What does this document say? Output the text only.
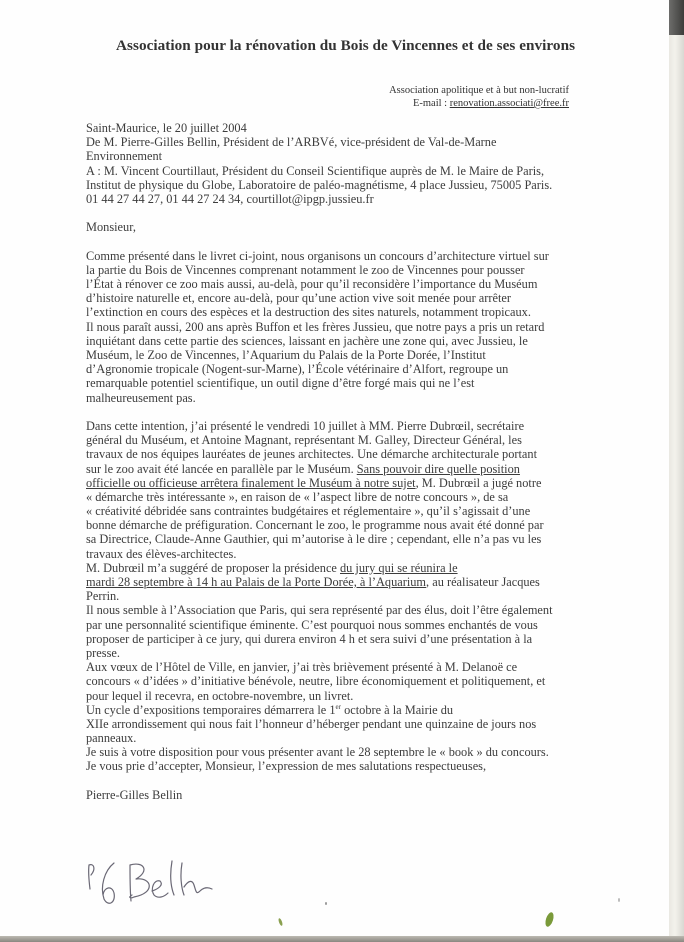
Association pour la rénovation du Bois de Vincennes et de ses environs
Association apolitique et à but non-lucratif
E-mail : renovation.associati@free.fr
Saint-Maurice, le 20 juillet 2004
De M. Pierre-Gilles Bellin, Président de l’ARBVé, vice-président de Val-de-Marne
Environnement
A : M. Vincent Courtillaut, Président du Conseil Scientifique auprès de M. le Maire de Paris,
Institut de physique du Globe, Laboratoire de paléo-magnétisme, 4 place Jussieu, 75005 Paris.
01 44 27 44 27, 01 44 27 24 34, courtillot@ipgp.jussieu.fr
Monsieur,
Comme présenté dans le livret ci-joint, nous organisons un concours d’architecture virtuel sur
la partie du Bois de Vincennes comprenant notamment le zoo de Vincennes pour pousser
l’État à rénover ce zoo mais aussi, au-delà, pour qu’il reconsidère l’importance du Muséum
d’histoire naturelle et, encore au-delà, pour qu’une action vive soit menée pour arrêter
l’extinction en cours des espèces et la destruction des sites naturels, notamment tropicaux.
Il nous paraît aussi, 200 ans après Buffon et les frères Jussieu, que notre pays a pris un retard
inquiétant dans cette partie des sciences, laissant en jachère une zone qui, avec Jussieu, le
Muséum, le Zoo de Vincennes, l’Aquarium du Palais de la Porte Dorée, l’Institut
d’Agronomie tropicale (Nogent-sur-Marne), l’École vétérinaire d’Alfort, regroupe un
remarquable potentiel scientifique, un outil digne d’être forgé mais qui ne l’est
malheureusement pas.
Dans cette intention, j’ai présenté le vendredi 10 juillet à MM. Pierre Dubrœil, secrétaire
général du Muséum, et Antoine Magnant, représentant M. Galley, Directeur Général, les
travaux de nos équipes lauréates de jeunes architectes. Une démarche architecturale portant
sur le zoo avait été lancée en parallèle par le Muséum. Sans pouvoir dire quelle position
officielle ou officieuse arrêtera finalement le Muséum à notre sujet, M. Dubrœil a jugé notre
« démarche très intéressante », en raison de « l’aspect libre de notre concours », de sa
« créativité débridée sans contraintes budgétaires et réglementaire », qu’il s’agissait d’une
bonne démarche de préfiguration. Concernant le zoo, le programme nous avait été donné par
sa Directrice, Claude-Anne Gauthier, qui m’autorise à le dire ; cependant, elle n’a pas vu les
travaux des élèves-architectes.
M. Dubrœil m’a suggéré de proposer la présidence du jury qui se réunira le
mardi 28 septembre à 14 h au Palais de la Porte Dorée, à l’Aquarium, au réalisateur Jacques
Perrin.
Il nous semble à l’Association que Paris, qui sera représenté par des élus, doit l’être également
par une personnalité scientifique éminente. C’est pourquoi nous sommes enchantés de vous
proposer de participer à ce jury, qui durera environ 4 h et sera suivi d’une présentation à la
presse.
Aux vœux de l’Hôtel de Ville, en janvier, j’ai très brièvement présenté à M. Delanoë ce
concours « d’idées » d’initiative bénévole, neutre, libre économiquement et politiquement, et
pour lequel il recevra, en octobre-novembre, un livret.
Un cycle d’expositions temporaires démarrera le 1er octobre à la Mairie du
XIIe arrondissement qui nous fait l’honneur d’héberger pendant une quinzaine de jours nos
panneaux.
Je suis à votre disposition pour vous présenter avant le 28 septembre le « book » du concours.
Je vous prie d’accepter, Monsieur, l’expression de mes salutations respectueuses,
Pierre-Gilles Bellin
